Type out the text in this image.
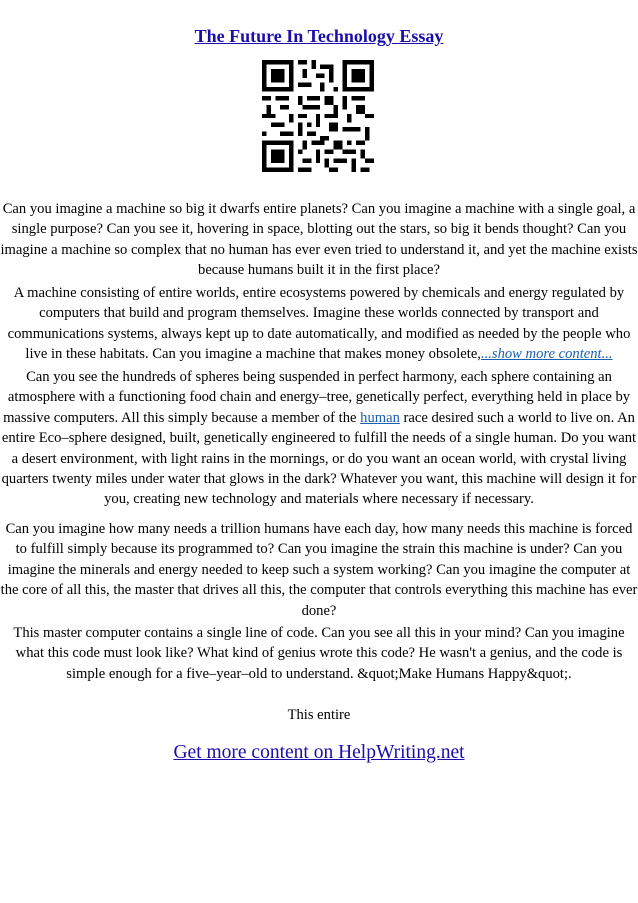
The Future In Technology Essay

Can you imagine a machine so big it dwarfs entire planets? Can you imagine a machine with a single goal, a single purpose? Can you see it, hovering in space, blotting out the stars, so big it bends thought? Can you imagine a machine so complex that no human has ever even tried to understand it, and yet the machine exists because humans built it in the first place?

A machine consisting of entire worlds, entire ecosystems powered by chemicals and energy regulated by computers that build and program themselves. Imagine these worlds connected by transport and communications systems, always kept up to date automatically, and modified as needed by the people who live in these habitats. Can you imagine a machine that makes money obsolete,...show more content...

Can you see the hundreds of spheres being suspended in perfect harmony, each sphere containing an atmosphere with a functioning food chain and energy–tree, genetically perfect, everything held in place by massive computers. All this simply because a member of the human race desired such a world to live on. An entire Eco–sphere designed, built, genetically engineered to fulfill the needs of a single human. Do you want a desert environment, with light rains in the mornings, or do you want an ocean world, with crystal living quarters twenty miles under water that glows in the dark? Whatever you want, this machine will design it for you, creating new technology and materials where necessary if necessary.

Can you imagine how many needs a trillion humans have each day, how many needs this machine is forced to fulfill simply because its programmed to? Can you imagine the strain this machine is under? Can you imagine the minerals and energy needed to keep such a system working? Can you imagine the computer at the core of all this, the master that drives all this, the computer that controls everything this machine has ever done?

This master computer contains a single line of code. Can you see all this in your mind? Can you imagine what this code must look like? What kind of genius wrote this code? He wasn't a genius, and the code is simple enough for a five–year–old to understand. &quot;Make Humans Happy&quot;.

This entire

Get more content on HelpWriting.net
